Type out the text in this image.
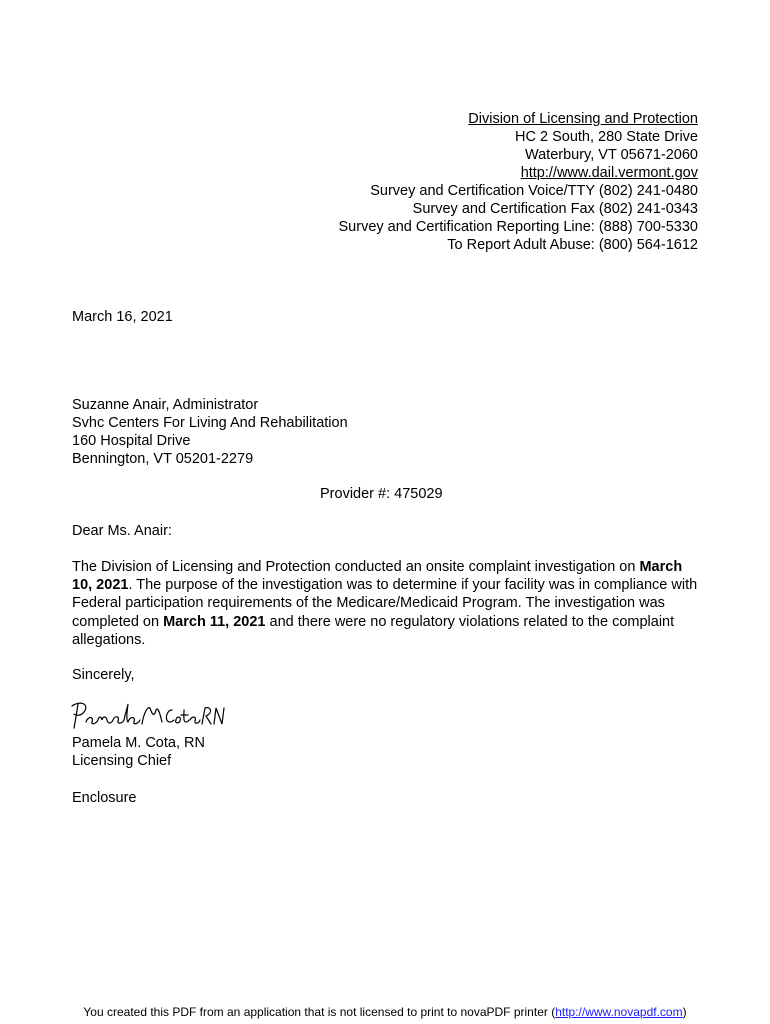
Division of Licensing and Protection
HC 2 South, 280 State Drive
Waterbury, VT 05671-2060
http://www.dail.vermont.gov
Survey and Certification Voice/TTY (802) 241-0480
Survey and Certification Fax (802) 241-0343
Survey and Certification Reporting Line: (888) 700-5330
To Report Adult Abuse: (800) 564-1612
March 16, 2021
Suzanne Anair, Administrator
Svhc Centers For Living And Rehabilitation
160 Hospital Drive
Bennington, VT 05201-2279
Provider #: 475029
Dear Ms. Anair:
The Division of Licensing and Protection conducted an onsite complaint investigation on March 10, 2021. The purpose of the investigation was to determine if your facility was in compliance with Federal participation requirements of the Medicare/Medicaid Program. The investigation was completed on March 11, 2021 and there were no regulatory violations related to the complaint allegations.
Sincerely,
Pamela M. Cota, RN
Licensing Chief
Enclosure
You created this PDF from an application that is not licensed to print to novaPDF printer (http://www.novapdf.com)
